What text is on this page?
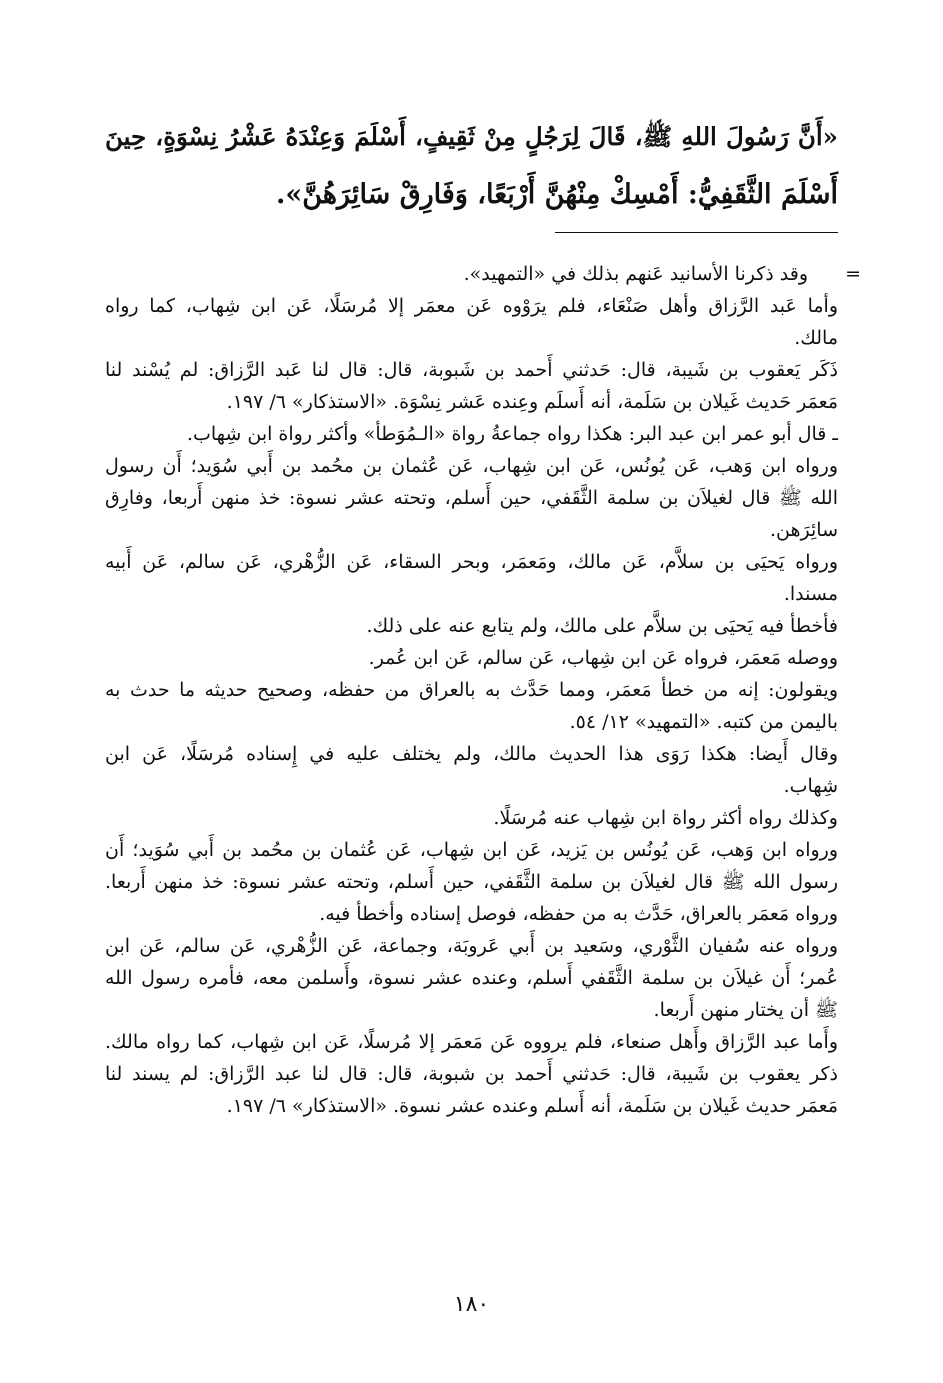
«أَنَّ رَسُولَ اللهِ ﷺ، قَالَ لِرَجُلٍ مِنْ ثَقِيفٍ، أَسْلَمَ وَعِنْدَهُ عَشْرُ نِسْوَةٍ، حِينَ
أَسْلَمَ الثَّقَفِيُّ: أَمْسِكْ مِنْهُنَّ أَرْبَعًا، وَفَارِقْ سَائِرَهُنَّ».
وقد ذكرنا الأسانيد عَنهم بذلك في «التمهيد».
وأما عَبد الرَّزاق وأهل صَنْعَاء، فلم يرَوْوه عَن معمَر إلا مُرسَلًا، عَن ابن شِهاب، كما رواه
مالك.
ذَكَر يَعقوب بن شَيبة، قال: حَدثني أَحمد بن شَبوبة، قال: قال لنا عَبد الرَّزاق: لم يُسْند لنا
مَعمَر حَديث غَيلان بن سَلَمة، أنه أَسلَم وعِنده عَشر نِسْوَة. «الاستذكار» ٦/ ١٩٧.
ـ قال أبو عمر ابن عبد البر: هكذا رواه جماعةُ رواة «الـمُوَطأ» وأكثر رواة ابن شِهاب.
ورواه ابن وَهب، عَن يُونُس، عَن ابن شِهاب، عَن عُثمان بن محُمد بن أَبي سُوَيد؛ أَن رسول
الله ﷺ قال لغيلاَن بن سلمة الثَّقَفي، حين أَسلم، وتحته عشر نسوة: خذ منهن أَربعا، وفارِق
سائِرَهن.
ورواه يَحيَى بن سلاَّم، عَن مالك، ومَعمَر، وبحر السقاء، عَن الزُّهْري، عَن سالم، عَن أَبيه
مسندا.
فأخطأ فيه يَحيَى بن سلاَّم على مالك، ولم يتابع عنه على ذلك.
ووصله مَعمَر، فرواه عَن ابن شِهاب، عَن سالم، عَن ابن عُمر.
ويقولون: إنه من خطأ مَعمَر، ومما حَدَّث به بالعراق من حفظه، وصحيح حديثه ما حدث به
باليمن من كتبه. «التمهيد» ١٢/ ٥٤.
وقال أَيضا: هكذا رَوَى هذا الحديث مالك، ولم يختلف عليه في إِسناده مُرسَلًا، عَن ابن
شِهاب.
وكذلك رواه أكثر رواة ابن شِهاب عنه مُرسَلًا.
ورواه ابن وَهب، عَن يُونُس بن يَزيد، عَن ابن شِهاب، عَن عُثمان بن محُمد بن أَبي سُوَيد؛ أَن
رسول الله ﷺ قال لغيلاَن بن سلمة الثَّقَفي، حين أَسلم، وتحته عشر نسوة: خذ منهن أَربعا.
ورواه مَعمَر بالعراق، حَدَّث به من حفظه، فوصل إسناده وأخطأ فيه.
ورواه عنه سُفيان الثَّوْري، وسَعيد بن أَبي عَروبَة، وجماعة، عَن الزُّهْري، عَن سالم، عَن ابن
عُمر؛ أَن غيلاَن بن سلمة الثَّقَفي أَسلم، وعنده عشر نسوة، وأَسلمن معه، فأمره رسول الله
ﷺ أن يختار منهن أَربعا.
وأَما عبد الرَّزاق وأَهل صنعاء، فلم يرووه عَن مَعمَر إلا مُرسلًا، عَن ابن شِهاب، كما رواه مالك.
ذكر يعقوب بن شَيبة، قال: حَدثني أَحمد بن شبوبة، قال: قال لنا عبد الرَّزاق: لم يسند لنا
مَعمَر حديث غَيلان بن سَلَمة، أنه أَسلم وعنده عشر نسوة. «الاستذكار» ٦/ ١٩٧.
=
١٨٠
